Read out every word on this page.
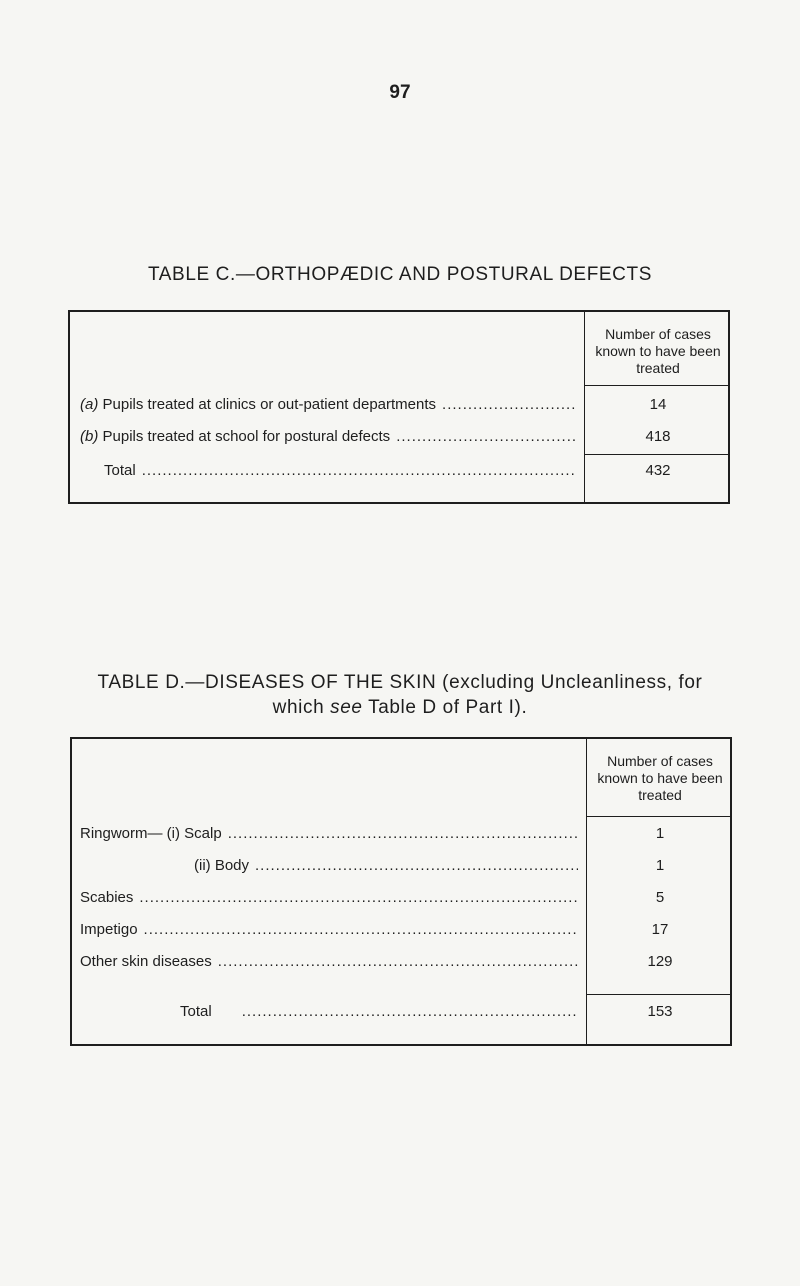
97
TABLE C.—ORTHOPÆDIC AND POSTURAL DEFECTS
Number of cases known to have been treated
(a) Pupils treated at clinics or out-patient departments .....	14
(b) Pupils treated at school for postural defects .....	418
Total .....	432
TABLE D.—DISEASES OF THE SKIN (excluding Uncleanliness, for
which see Table D of Part I).
Number of cases known to have been treated
Ringworm— (i) Scalp .....	1
(ii) Body .....	1
Scabies .....	5
Impetigo .....	17
Other skin diseases .....	129
Total .....	153
